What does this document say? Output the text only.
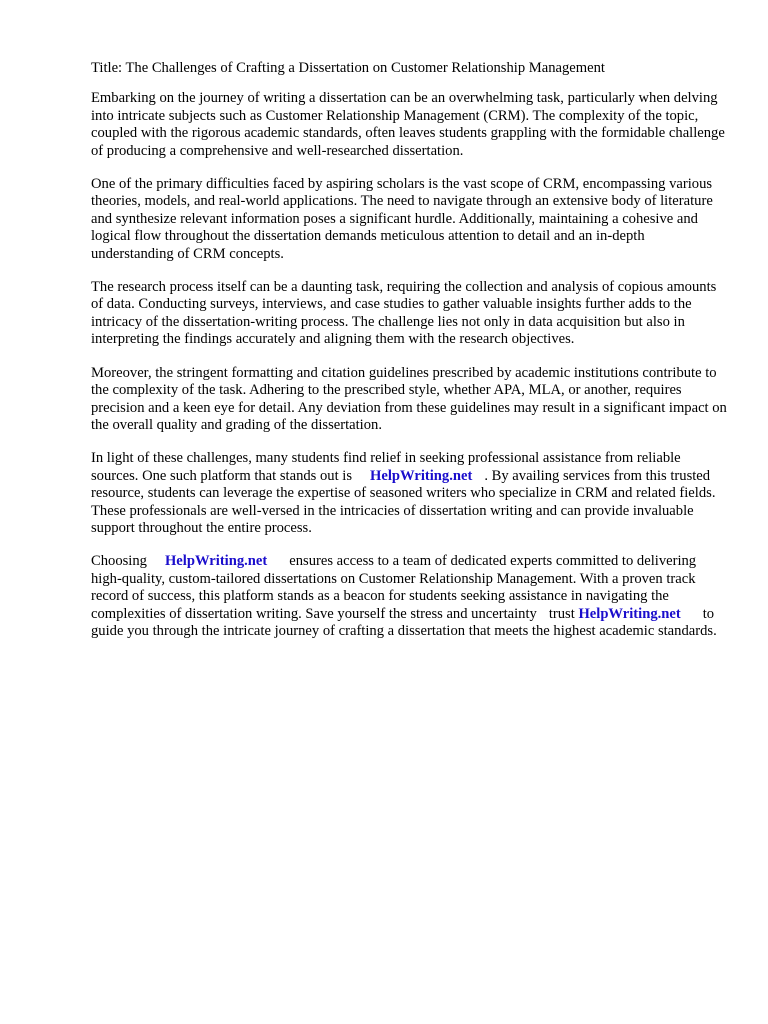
Title: The Challenges of Crafting a Dissertation on Customer Relationship Management

Embarking on the journey of writing a dissertation can be an overwhelming task, particularly when delving into intricate subjects such as Customer Relationship Management (CRM). The complexity of the topic, coupled with the rigorous academic standards, often leaves students grappling with the formidable challenge of producing a comprehensive and well-researched dissertation.

One of the primary difficulties faced by aspiring scholars is the vast scope of CRM, encompassing various theories, models, and real-world applications. The need to navigate through an extensive body of literature and synthesize relevant information poses a significant hurdle. Additionally, maintaining a cohesive and logical flow throughout the dissertation demands meticulous attention to detail and an in-depth understanding of CRM concepts.

The research process itself can be a daunting task, requiring the collection and analysis of copious amounts of data. Conducting surveys, interviews, and case studies to gather valuable insights further adds to the intricacy of the dissertation-writing process. The challenge lies not only in data acquisition but also in interpreting the findings accurately and aligning them with the research objectives.

Moreover, the stringent formatting and citation guidelines prescribed by academic institutions contribute to the complexity of the task. Adhering to the prescribed style, whether APA, MLA, or another, requires precision and a keen eye for detail. Any deviation from these guidelines may result in a significant impact on the overall quality and grading of the dissertation.

In light of these challenges, many students find relief in seeking professional assistance from reliable sources. One such platform that stands out is HelpWriting.net . By availing services from this trusted resource, students can leverage the expertise of seasoned writers who specialize in CRM and related fields. These professionals are well-versed in the intricacies of dissertation writing and can provide invaluable support throughout the entire process.

Choosing HelpWriting.net ensures access to a team of dedicated experts committed to delivering high-quality, custom-tailored dissertations on Customer Relationship Management. With a proven track record of success, this platform stands as a beacon for students seeking assistance in navigating the complexities of dissertation writing. Save yourself the stress and uncertainty trust HelpWriting.net to guide you through the intricate journey of crafting a dissertation that meets the highest academic standards.
